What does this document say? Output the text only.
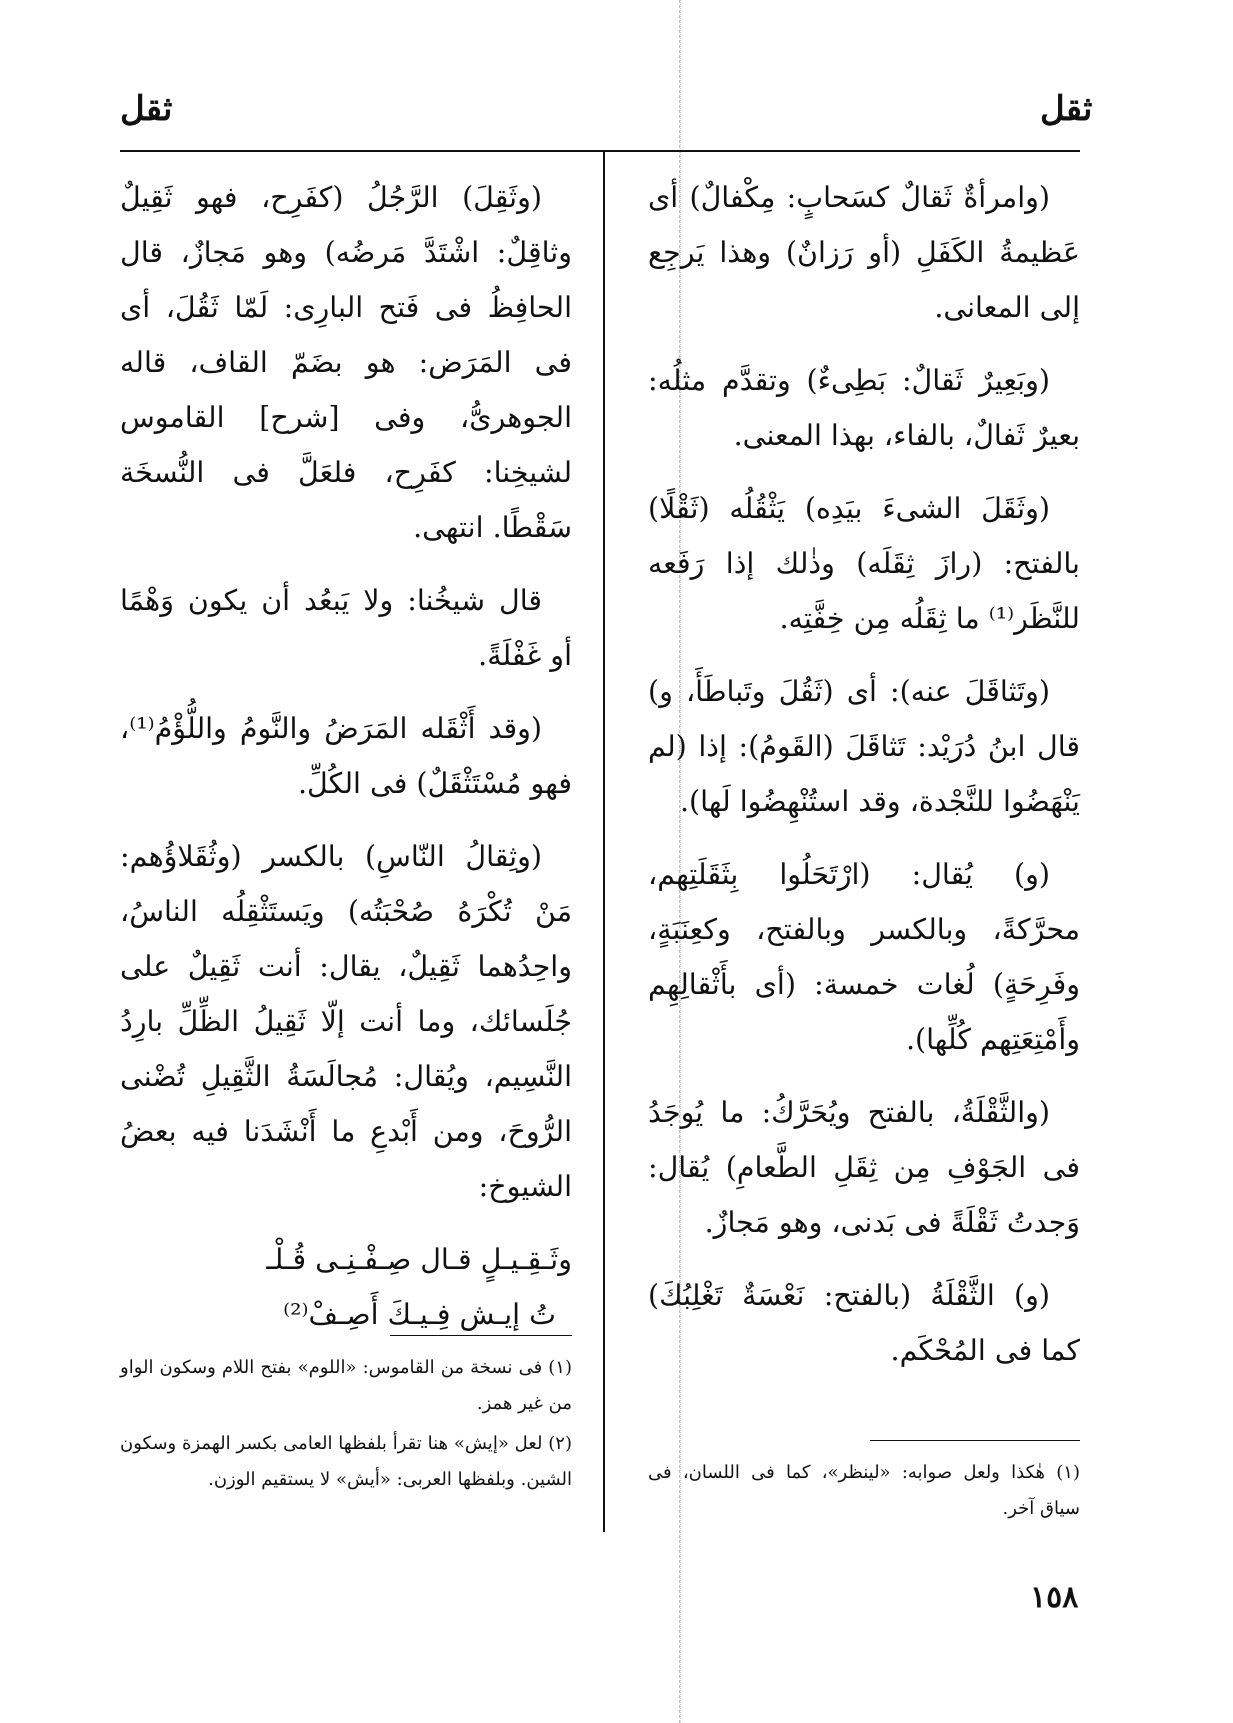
ثقل
ثقل

(وامرأةٌ ثَقالٌ كسَحابٍ: مِكْفالٌ) أى عَظيمةُ الكَفَلِ (أو رَزانٌ) وهذا يَرجِع إلى المعانى.

(وبَعِيرٌ ثَقالٌ: بَطِىءٌ) وتقدَّم مثلُه: بعيرٌ ثَفالٌ، بالفاء، بهذا المعنى.

(وثَقَلَ الشىءَ بيَدِه) يَثْقُلُه (ثَقْلًا) بالفتح: (رازَ ثِقَلَه) وذٰلك إذا رَفَعه للنَّظَر⁽¹⁾ ما ثِقَلُه مِن خِفَّتِه.

(وتَثاقَلَ عنه): أى (ثَقُلَ وتَباطَأَ، و) قال ابنُ دُرَيْد: تَثاقَلَ (القَومُ): إذا (لم يَنْهَضُوا للنَّجْدة، وقد استُنْهِضُوا لَها).

(و) يُقال: (ارْتَحَلُوا بِثَقَلَتِهم، محرَّكةً، وبالكسر وبالفتح، وكعِنَبَةٍ، وفَرِحَةٍ) لُغات خمسة: (أى بأَثْقالِهِم وأَمْتِعَتِهم كُلِّها).

(والثَّقْلَةُ، بالفتح ويُحَرَّكُ: ما يُوجَدُ فى الجَوْفِ مِن ثِقَلِ الطَّعامِ) يُقال: وَجدتُ ثَقْلَةً فى بَدنى، وهو مَجازٌ.

(و) الثَّقْلَةُ (بالفتح: نَعْسَةٌ تَغْلِبُكَ) كما فى المُحْكَم.

(١) هٰكذا ولعل صوابه: «لينظر»، كما فى اللسان، فى سياق آخر.

(وثَقِلَ) الرَّجُلُ (كفَرِح، فهو ثَقِيلٌ وثاقِلٌ: اشْتَدَّ مَرضُه) وهو مَجازٌ، قال الحافِظُ فى فَتح البارِى: لَمّا ثَقُلَ، أى فى المَرَض: هو بضَمّ القاف، قاله الجوهرىُّ، وفى [شرح] القاموس لشيخِنا: كفَرِح، فلعَلَّ فى النُّسخَة سَقْطًا. انتهى.

قال شيخُنا: ولا يَبعُد أن يكون وَهْمًا أو غَفْلَةً.

(وقد أَثْقَله المَرَضُ والنَّومُ واللُّؤْمُ⁽¹⁾، فهو مُسْتَثْقَلٌ) فى الكُلِّ.

(وثِقالُ النّاسِ) بالكسر (وثُقَلاؤُهم: مَنْ تُكْرَهُ صُحْبَتُه) ويَستَثْقِلُه الناسُ، واحِدُهما ثَقِيلٌ، يقال: أنت ثَقِيلٌ على جُلَسائك، وما أنت إلّا ثَقِيلُ الظِّلِّ بارِدُ النَّسِيم، ويُقال: مُجالَسَةُ الثَّقِيلِ تُضْنى الرُّوحَ، ومن أَبْدعِ ما أَنْشَدَنا فيه بعضُ الشيوخ:

وثَـقِـيـلٍ قـال صِـفْـنِـى قُـلْـ
تُ إيـش فِـيـكَ أَصِـفْ⁽²⁾

(١) فى نسخة من القاموس: «اللوم» بفتح اللام وسكون الواو من غير همز.

(٢) لعل «إيش» هنا تقرأ بلفظها العامى بكسر الهمزة وسكون الشين. وبلفظها العربى: «أيش» لا يستقيم الوزن.

١٥٨
